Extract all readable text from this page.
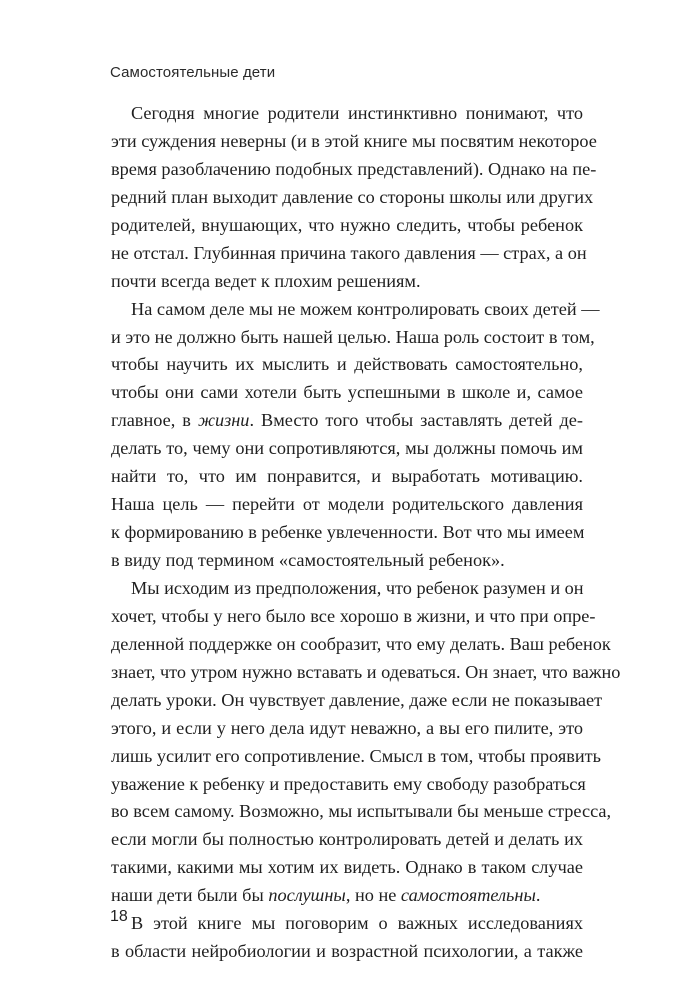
Самостоятельные дети
Сегодня многие родители инстинктивно понимают, что
эти суждения неверны (и в этой книге мы посвятим некоторое
время разоблачению подобных представлений). Однако на пе-
редний план выходит давление со стороны школы или других
родителей, внушающих, что нужно следить, чтобы ребенок
не отстал. Глубинная причина такого давления — страх, а он
почти всегда ведет к плохим решениям.
На самом деле мы не можем контролировать своих детей —
и это не должно быть нашей целью. Наша роль состоит в том,
чтобы научить их мыслить и действовать самостоятельно,
чтобы они сами хотели быть успешными в школе и, самое
главное, в жизни. Вместо того чтобы заставлять детей де-
делать то, чему они сопротивляются, мы должны помочь им
найти то, что им понравится, и выработать мотивацию.
Наша цель — перейти от модели родительского давления
к формированию в ребенке увлеченности. Вот что мы имеем
в виду под термином «самостоятельный ребенок».
Мы исходим из предположения, что ребенок разумен и он
хочет, чтобы у него было все хорошо в жизни, и что при опре-
деленной поддержке он сообразит, что ему делать. Ваш ребенок
знает, что утром нужно вставать и одеваться. Он знает, что важно
делать уроки. Он чувствует давление, даже если не показывает
этого, и если у него дела идут неважно, а вы его пилите, это
лишь усилит его сопротивление. Смысл в том, чтобы проявить
уважение к ребенку и предоставить ему свободу разобраться
во всем самому. Возможно, мы испытывали бы меньше стресса,
если могли бы полностью контролировать детей и делать их
такими, какими мы хотим их видеть. Однако в таком случае
наши дети были бы послушны, но не самостоятельны.
В этой книге мы поговорим о важных исследованиях
в области нейробиологии и возрастной психологии, а также
18
